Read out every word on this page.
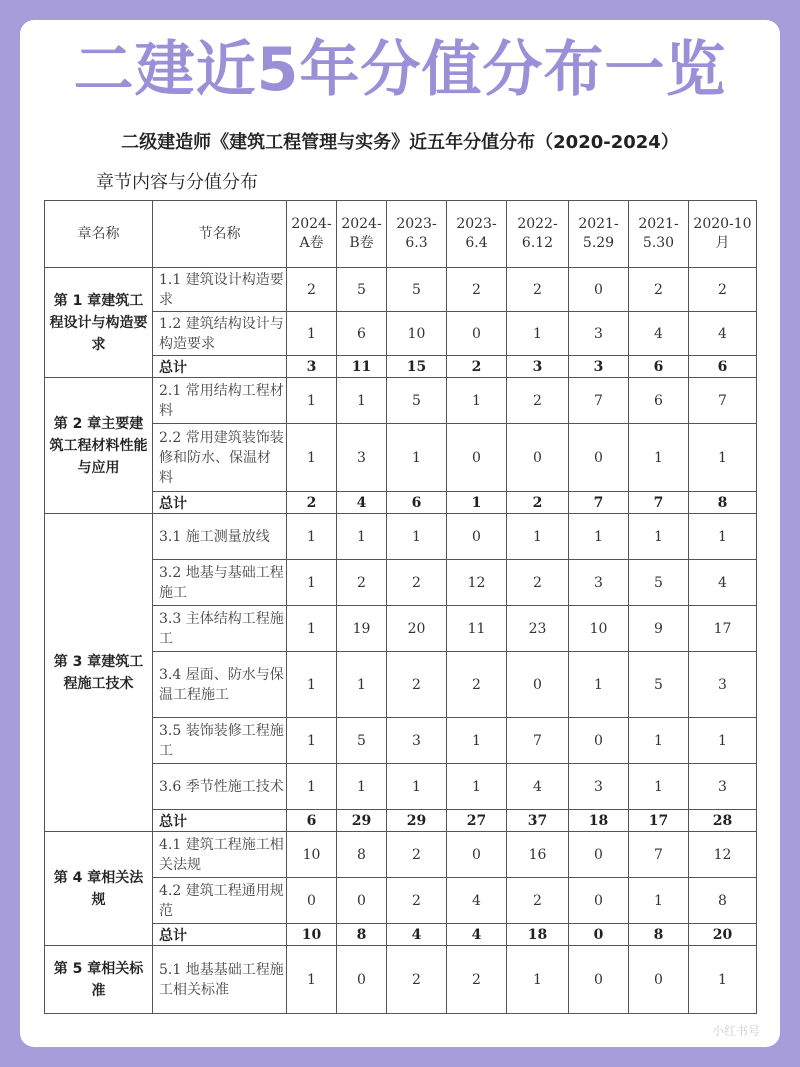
二建近5年分值分布一览
二级建造师《建筑工程管理与实务》近五年分值分布（2020-2024）
章节内容与分值分布
章名称	节名称	2024-A卷	2024-B卷	2023-6.3	2023-6.4	2022-6.12	2021-5.29	2021-5.30	2020-10月
第 1 章建筑工程设计与构造要求	1.1 建筑设计构造要求	2	5	5	2	2	0	2	2
	1.2 建筑结构设计与构造要求	1	6	10	0	1	3	4	4
	总计	3	11	15	2	3	3	6	6
第 2 章主要建筑工程材料性能与应用	2.1 常用结构工程材料	1	1	5	1	2	7	6	7
	2.2 常用建筑装饰装修和防水、保温材料	1	3	1	0	0	0	1	1
	总计	2	4	6	1	2	7	7	8
第 3 章建筑工程施工技术	3.1 施工测量放线	1	1	1	0	1	1	1	1
	3.2 地基与基础工程施工	1	2	2	12	2	3	5	4
	3.3 主体结构工程施工	1	19	20	11	23	10	9	17
	3.4 屋面、防水与保温工程施工	1	1	2	2	0	1	5	3
	3.5 装饰装修工程施工	1	5	3	1	7	0	1	1
	3.6 季节性施工技术	1	1	1	1	4	3	1	3
	总计	6	29	29	27	37	18	17	28
第 4 章相关法规	4.1 建筑工程施工相关法规	10	8	2	0	16	0	7	12
	4.2 建筑工程通用规范	0	0	2	4	2	0	1	8
	总计	10	8	4	4	18	0	8	20
第 5 章相关标准	5.1 地基基础工程施工相关标准	1	0	2	2	1	0	0	1
小红书号
